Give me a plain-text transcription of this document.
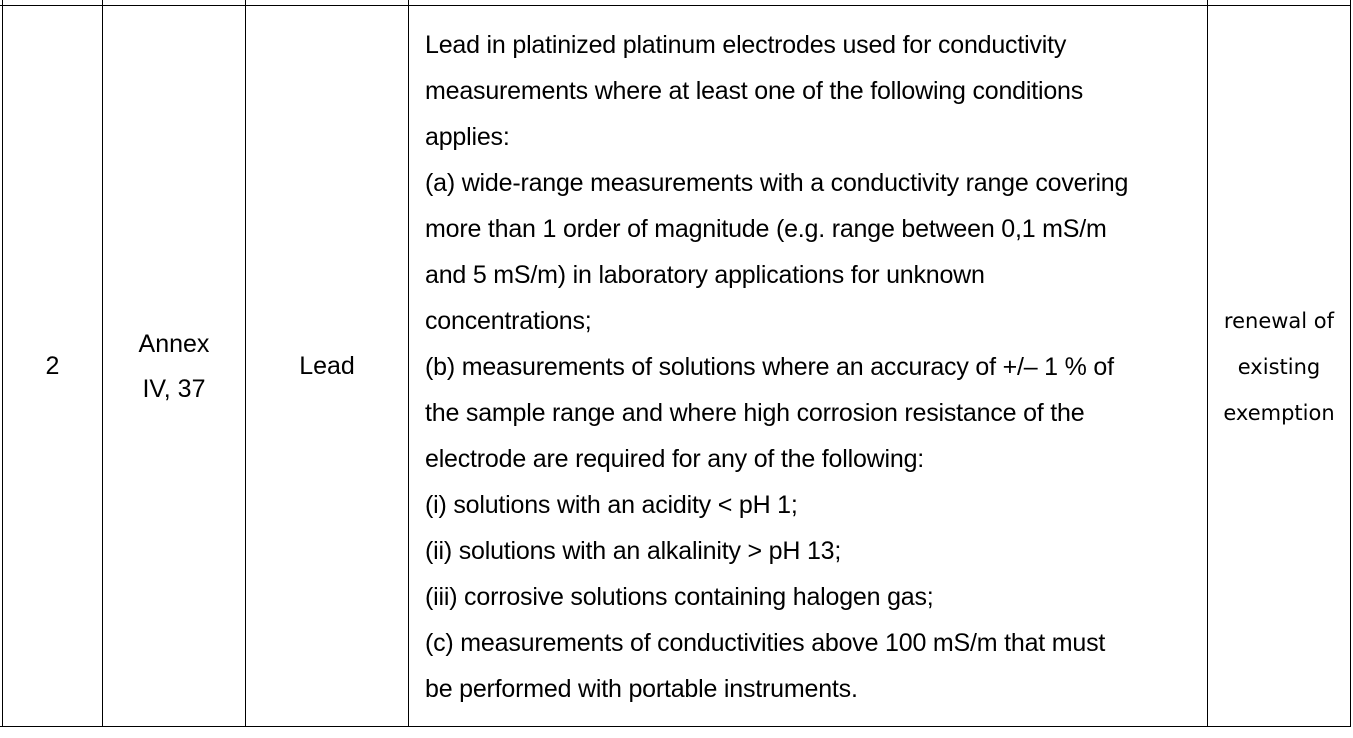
2
Annex
IV, 37
Lead
Lead in platinized platinum electrodes used for conductivity
measurements where at least one of the following conditions
applies:
(a) wide-range measurements with a conductivity range covering
more than 1 order of magnitude (e.g. range between 0,1 mS/m
and 5 mS/m) in laboratory applications for unknown
concentrations;
(b) measurements of solutions where an accuracy of +/– 1 % of
the sample range and where high corrosion resistance of the
electrode are required for any of the following:
(i) solutions with an acidity < pH 1;
(ii) solutions with an alkalinity > pH 13;
(iii) corrosive solutions containing halogen gas;
(c) measurements of conductivities above 100 mS/m that must
be performed with portable instruments.
renewal of
existing
exemption
